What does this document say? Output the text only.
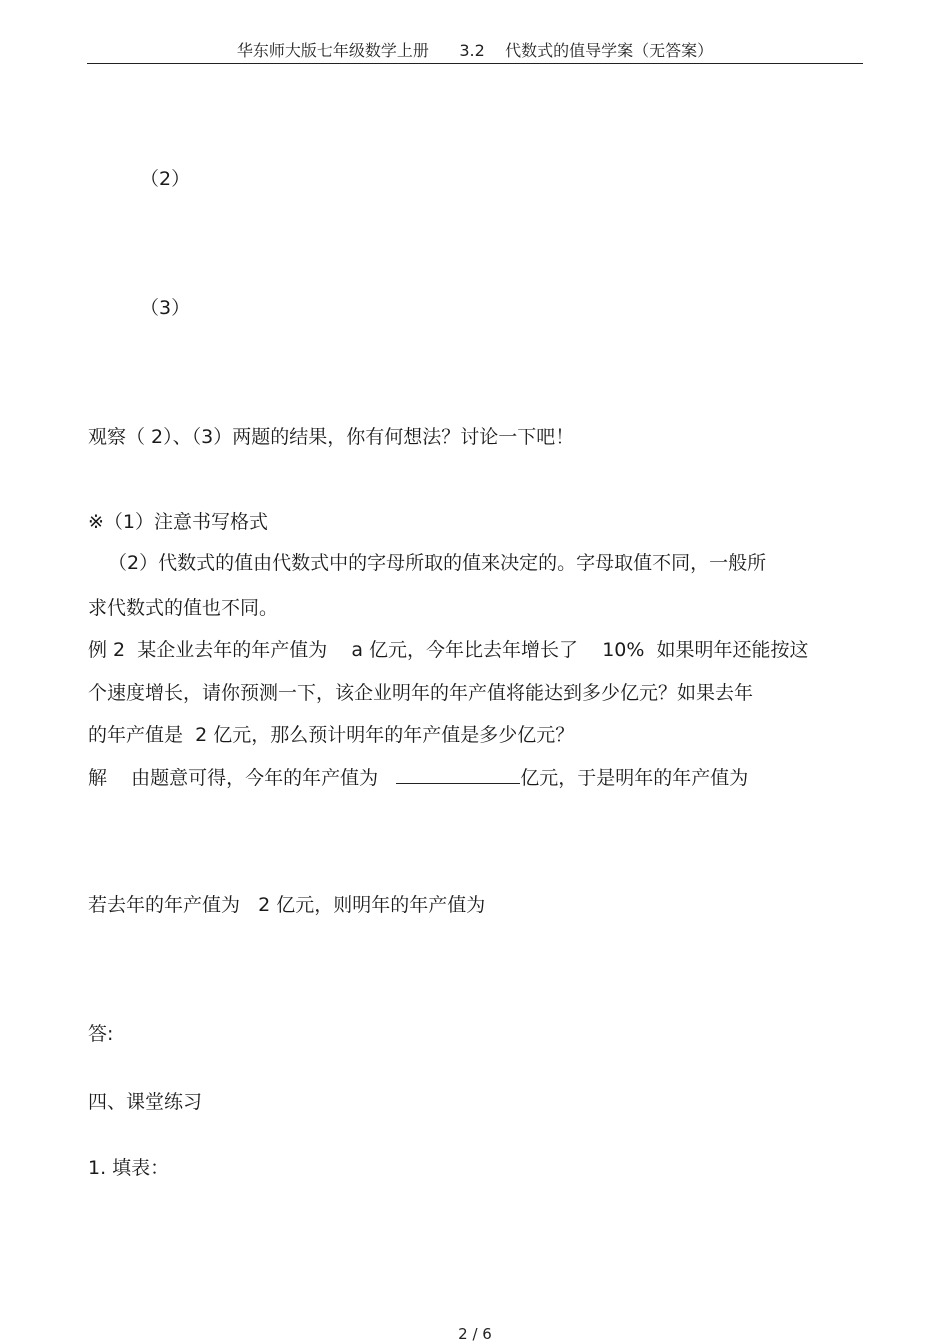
华东师大版七年级数学上册      3.2    代数式的值导学案（无答案）
（2）
（3）
观察（ 2）、（3）两题的结果，你有何想法？讨论一下吧！
※（1）注意书写格式
（2）代数式的值由代数式中的字母所取的值来决定的。字母取值不同，一般所
求代数式的值也不同。
例 2  某企业去年的年产值为    a 亿元，今年比去年增长了    10%  如果明年还能按这
个速度增长，请你预测一下，该企业明年的年产值将能达到多少亿元？如果去年
的年产值是  2 亿元，那么预计明年的年产值是多少亿元？
解    由题意可得，今年的年产值为	亿元，于是明年的年产值为
若去年的年产值为   2 亿元，则明年的年产值为
答:
四、课堂练习
1. 填表：
2 / 6
